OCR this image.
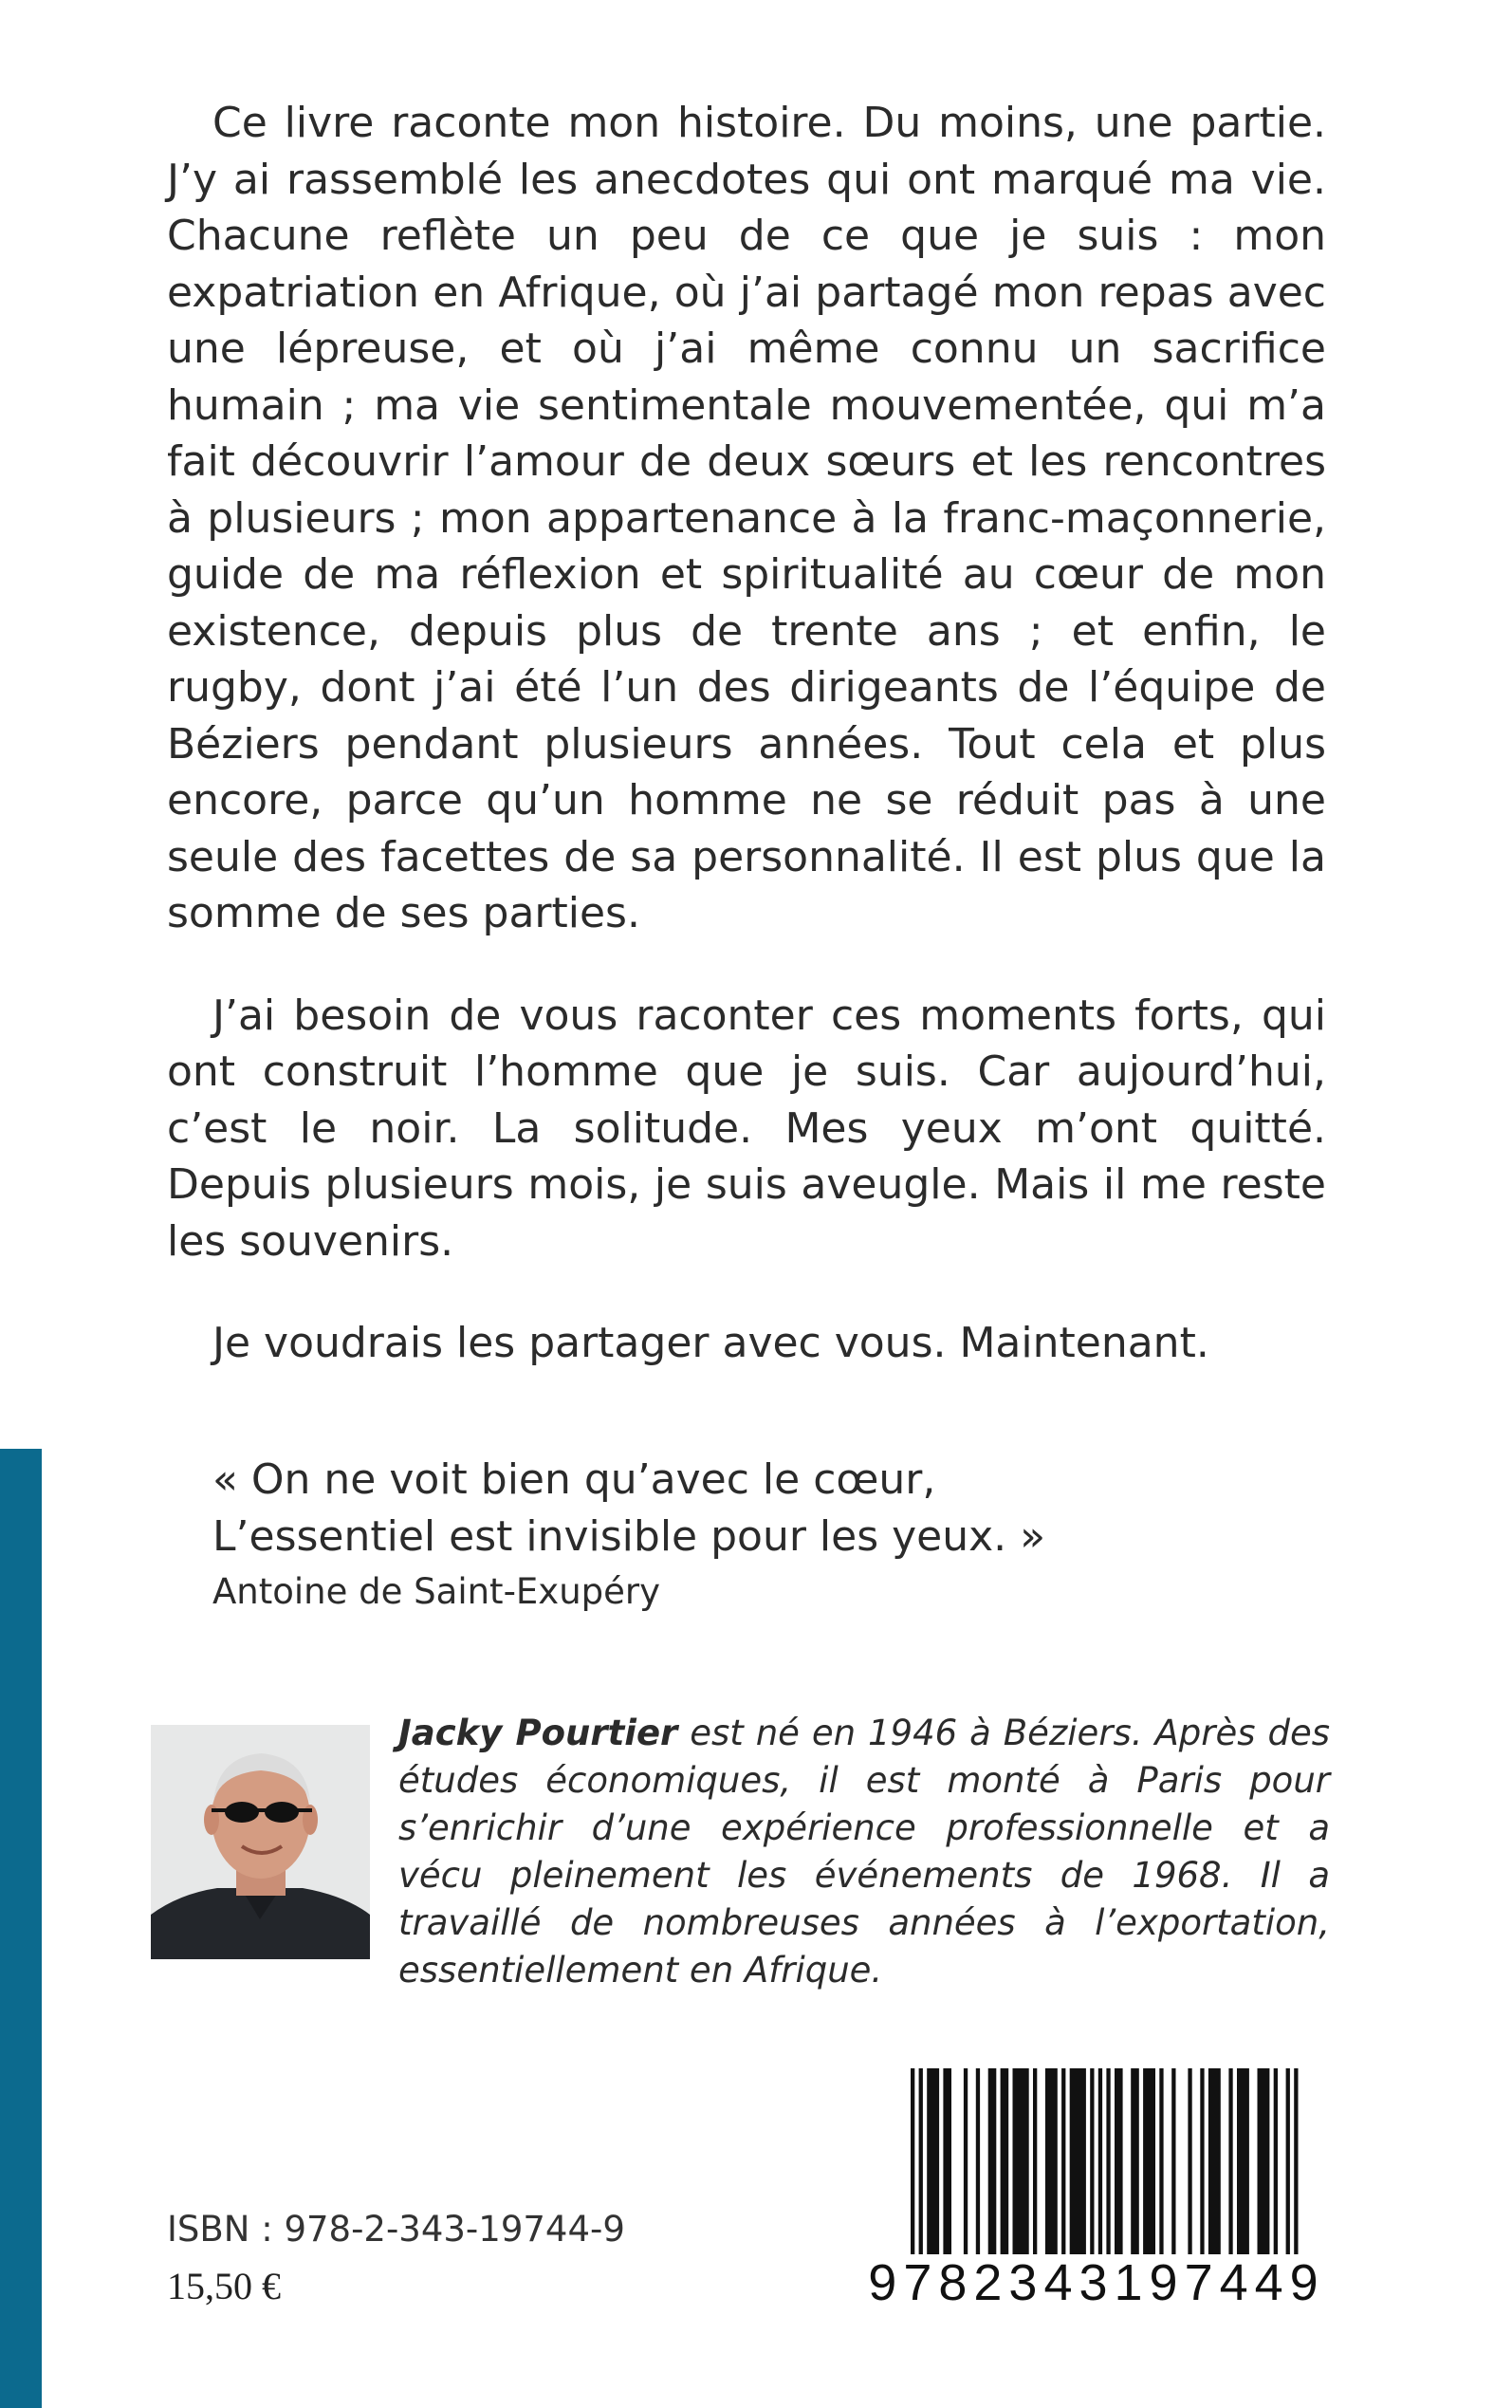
Ce livre raconte mon histoire. Du moins, une partie. J’y ai rassemblé les anecdotes qui ont marqué ma vie. Chacune reflète un peu de ce que je suis : mon expatriation en Afrique, où j’ai partagé mon repas avec une lépreuse, et où j’ai même connu un sacrifice humain ; ma vie sentimentale mouvementée, qui m’a fait découvrir l’amour de deux sœurs et les rencontres à plusieurs ; mon appartenance à la franc-maçonnerie, guide de ma réflexion et spiritualité au cœur de mon existence, depuis plus de trente ans ; et enfin, le rugby, dont j’ai été l’un des dirigeants de l’équipe de Béziers pendant plusieurs années. Tout cela et plus encore, parce qu’un homme ne se réduit pas à une seule des facettes de sa personnalité. Il est plus que la somme de ses parties.

J’ai besoin de vous raconter ces moments forts, qui ont construit l’homme que je suis. Car aujourd’hui, c’est le noir. La solitude. Mes yeux m’ont quitté. Depuis plusieurs mois, je suis aveugle. Mais il me reste les souvenirs.

Je voudrais les partager avec vous. Maintenant.

« On ne voit bien qu’avec le cœur,
L’essentiel est invisible pour les yeux. »
Antoine de Saint-Exupéry

Jacky Pourtier est né en 1946 à Béziers. Après des études économiques, il est monté à Paris pour s’enrichir d’une expérience professionnelle et a vécu pleinement les événements de 1968. Il a travaillé de nombreuses années à l’exportation, essentiellement en Afrique.

ISBN : 978-2-343-19744-9
15,50 €	9782343197449
